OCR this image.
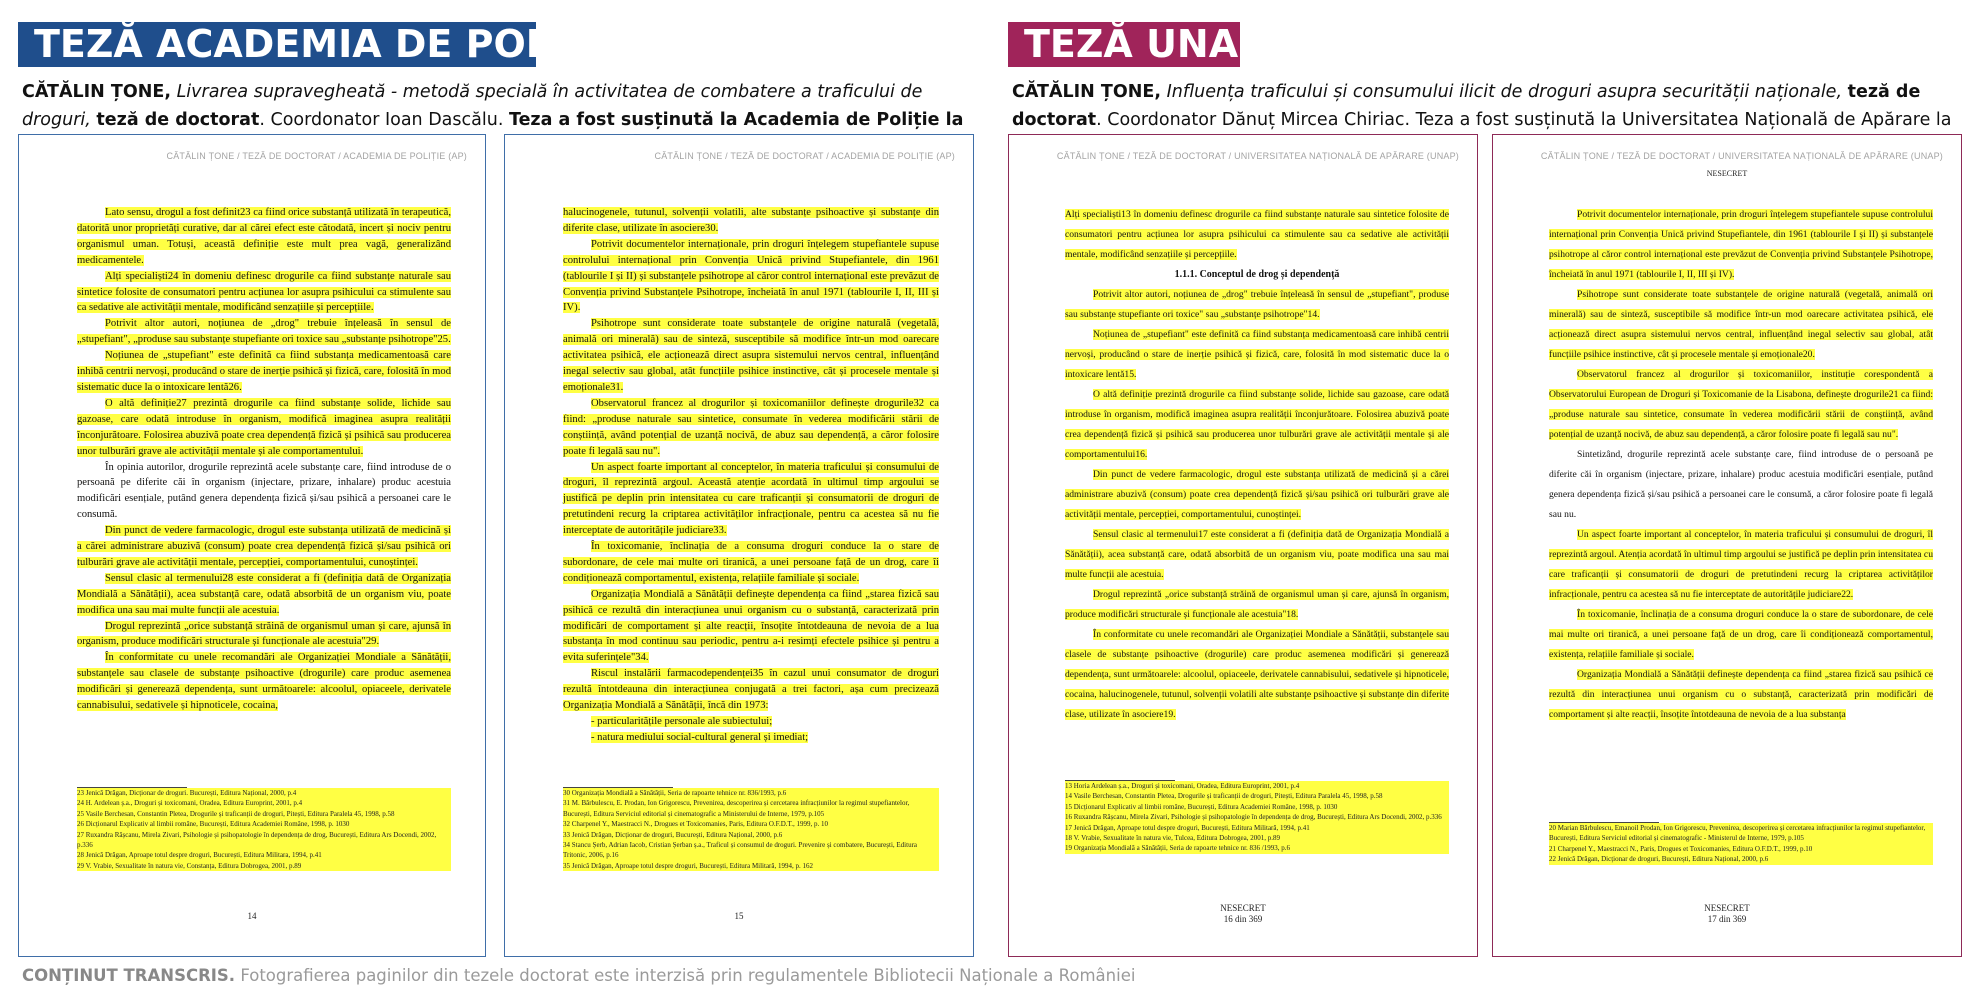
TEZĂ ACADEMIA DE POLIȚIE	TEZĂ UNAP
CĂTĂLIN ȚONE, Livrarea supravegheată - metodă specială în activitatea de combatere a traficului de droguri, teză de doctorat. Coordonator Ioan Dascălu. Teza a fost susținută la Academia de Poliție la
CĂTĂLIN ȚONE, Influența traficului și consumului ilicit de droguri asupra securității naționale, teză de doctorat. Coordonator Dănuț Mircea Chiriac. Teza a fost susținută la Universitatea Națională de Apărare la
CĂTĂLIN ȚONE / TEZĂ DE DOCTORAT / ACADEMIA DE POLIȚIE (AP)

Lato sensu, drogul a fost definit23 ca fiind orice substanță utilizată în terapeutică, datorită unor proprietăți curative, dar al cărei efect este cătodată, incert și nociv pentru organismul uman. Totuși, această definiție este mult prea vagă, generalizând medicamentele.

Alți specialiști24 în domeniu definesc drogurile ca fiind substanțe naturale sau sintetice folosite de consumatori pentru acțiunea lor asupra psihicului ca stimulente sau ca sedative ale activității mentale, modificând senzațiile și percepțiile.

Potrivit altor autori, noțiunea de „drog" trebuie înțeleasă în sensul de „stupefiant", „produse sau substanțe stupefiante ori toxice sau „substanțe psihotrope"25.

Noțiunea de „stupefiant" este definită ca fiind substanța medicamentoasă care inhibă centrii nervoși, producând o stare de inerție psihică și fizică, care, folosită în mod sistematic duce la o intoxicare lentă26.

O altă definiție27 prezintă drogurile ca fiind substanțe solide, lichide sau gazoase, care odată introduse în organism, modifică imaginea asupra realității înconjurătoare. Folosirea abuzivă poate crea dependență fizică și psihică sau producerea unor tulburări grave ale activității mentale și ale comportamentului.

În opinia autorilor, drogurile reprezintă acele substanțe care, fiind introduse de o persoană pe diferite căi în organism (injectare, prizare, inhalare) produc acestuia modificări esențiale, putând genera dependența fizică și/sau psihică a persoanei care le consumă.

Din punct de vedere farmacologic, drogul este substanța utilizată de medicină și a cărei administrare abuzivă (consum) poate crea dependență fizică și/sau psihică ori tulburări grave ale activității mentale, percepției, comportamentului, cunoștinței.

Sensul clasic al termenului28 este considerat a fi (definiția dată de Organizația Mondială a Sănătății), acea substanță care, odată absorbită de un organism viu, poate modifica una sau mai multe funcții ale acestuia.

Drogul reprezintă „orice substanță străină de organismul uman și care, ajunsă în organism, produce modificări structurale și funcționale ale acestuia"29.

În conformitate cu unele recomandări ale Organizației Mondiale a Sănătății, substanțele sau clasele de substanțe psihoactive (drogurile) care produc asemenea modificări și generează dependența, sunt următoarele: alcoolul, opiaceele, derivatele cannabisului, sedativele și hipnoticele, cocaina,

23 Jenică Drăgan, Dicționar de droguri. București, Editura Național, 2000, p.4
24 H. Ardelean ș.a., Droguri și toxicomani, Oradea, Editura Europrint, 2001, p.4
25 Vasile Berchesan, Constantin Pletea, Drogurile și traficanții de droguri, Pitești, Editura Paralela 45, 1998, p.58
26 Dicționarul Explicativ al limbii române, București, Editura Academiei Române, 1998, p. 1030
27 Ruxandra Râșcanu, Mirela Zivari, Psihologie și psihopatologie în dependența de drog, București, Editura Ars Docendi, 2002, p.336
28 Jenică Drăgan, Aproape totul despre droguri, București, Editura Militara, 1994, p.41
29 V. Vrabie, Sexualitate în natura vie, Constanța, Editura Dobrogea, 2001, p.89
14
CĂTĂLIN ȚONE / TEZĂ DE DOCTORAT / ACADEMIA DE POLIȚIE (AP)

halucinogenele, tutunul, solvenții volatili, alte substanțe psihoactive și substanțe din diferite clase, utilizate în asociere30.

Potrivit documentelor internaționale, prin droguri înțelegem stupefiantele supuse controlului internațional prin Convenția Unică privind Stupefiantele, din 1961 (tablourile I și II) și substanțele psihotrope al căror control internațional este prevăzut de Convenția privind Substanțele Psihotrope, încheiată în anul 1971 (tablourile I, II, III și IV).

Psihotrope sunt considerate toate substanțele de origine naturală (vegetală, animală ori minerală) sau de sinteză, susceptibile să modifice într-un mod oarecare activitatea psihică, ele acționează direct asupra sistemului nervos central, influențând inegal selectiv sau global, atât funcțiile psihice instinctive, cât și procesele mentale și emoționale31.

Observatorul francez al drogurilor și toxicomaniilor definește drogurile32 ca fiind: „produse naturale sau sintetice, consumate în vederea modificării stării de conștiință, având potențial de uzanță nocivă, de abuz sau dependență, a căror folosire poate fi legală sau nu".

Un aspect foarte important al conceptelor, în materia traficului și consumului de droguri, îl reprezintă argoul. Această atenție acordată în ultimul timp argoului se justifică pe deplin prin intensitatea cu care traficanții și consumatorii de droguri de pretutindeni recurg la criptarea activităților infracționale, pentru ca acestea să nu fie interceptate de autoritățile judiciare33.

În toxicomanie, înclinația de a consuma droguri conduce la o stare de subordonare, de cele mai multe ori tiranică, a unei persoane față de un drog, care îi condiționează comportamentul, existența, relațiile familiale și sociale.

Organizația Mondială a Sănătății definește dependența ca fiind „starea fizică sau psihică ce rezultă din interacțiunea unui organism cu o substanță, caracterizată prin modificări de comportament și alte reacții, însoțite întotdeauna de nevoia de a lua substanța în mod continuu sau periodic, pentru a-i resimți efectele psihice și pentru a evita suferințele"34.

Riscul instalării farmacodependenței35 în cazul unui consumator de droguri rezultă întotdeauna din interacțiunea conjugată a trei factori, așa cum precizează Organizația Mondială a Sănătății, încă din 1973:

- particularitățile personale ale subiectului;

- natura mediului social-cultural general și imediat;

30 Organizația Mondială a Sănătății, Seria de rapoarte tehnice nr. 836/1993, p.6
31 M. Bărbulescu, E. Prodan, Ion Grigorescu, Prevenirea, descoperirea și cercetarea infracțiunilor la regimul stupefiantelor, București, Editura Serviciul editorial și cinematografic a Ministerului de Interne, 1979, p.105
32 Charpenel Y., Maestracci N., Drogues et Toxicomanies, Paris, Editura O.F.D.T., 1999, p. 10
33 Jenică Drăgan, Dicționar de droguri, București, Editura Național, 2000, p.6
34 Stancu Șerb, Adrian Iacob, Cristian Șerban ș.a., Traficul și consumul de droguri. Prevenire și combatere, București, Editura Tritonic, 2006, p.16
35 Jenică Drăgan, Aproape totul despre droguri, București, Editura Militară, 1994, p. 162
15
CĂTĂLIN ȚONE / TEZĂ DE DOCTORAT / UNIVERSITATEA NAȚIONALĂ DE APĂRARE (UNAP)

Alți specialiști13 în domeniu definesc drogurile ca fiind substanțe naturale sau sintetice folosite de consumatori pentru acțiunea lor asupra psihicului ca stimulente sau ca sedative ale activității mentale, modificând senzațiile și percepțiile.

1.1.1. Conceptul de drog și dependență

Potrivit altor autori, noțiunea de „drog" trebuie înțeleasă în sensul de „stupefiant", produse sau substanțe stupefiante ori toxice" sau „substanțe psihotrope"14.

Noțiunea de „stupefiant" este definită ca fiind substanța medicamentoasă care inhibă centrii nervoși, producând o stare de inerție psihică și fizică, care, folosită în mod sistematic duce la o intoxicare lentă15.

O altă definiție prezintă drogurile ca fiind substanțe solide, lichide sau gazoase, care odată introduse în organism, modifică imaginea asupra realității înconjurătoare. Folosirea abuzivă poate crea dependență fizică și psihică sau producerea unor tulburări grave ale activității mentale și ale comportamentului16.

Din punct de vedere farmacologic, drogul este substanța utilizată de medicină și a cărei administrare abuzivă (consum) poate crea dependență fizică și/sau psihică ori tulburări grave ale activității mentale, percepției, comportamentului, cunoștinței.

Sensul clasic al termenului17 este considerat a fi (definiția dată de Organizația Mondială a Sănătății), acea substanță care, odată absorbită de un organism viu, poate modifica una sau mai multe funcții ale acestuia.

Drogul reprezintă „orice substanță străină de organismul uman și care, ajunsă în organism, produce modificări structurale și funcționale ale acestuia"18.

În conformitate cu unele recomandări ale Organizației Mondiale a Sănătății, substanțele sau clasele de substanțe psihoactive (drogurile) care produc asemenea modificări și generează dependența, sunt următoarele: alcoolul, opiaceele, derivatele cannabisului, sedativele și hipnoticele, cocaina, halucinogenele, tutunul, solvenții volatili alte substanțe psihoactive și substanțe din diferite clase, utilizate în asociere19.

13 Horia Ardelean ș.a., Droguri și toxicomani, Oradea, Editura Europrint, 2001, p.4
14 Vasile Berchesan, Constantin Pletea, Drogurile și traficanții de droguri, Pitești, Editura Paralela 45, 1998, p.58
15 Dicționarul Explicativ al limbii române, București, Editura Academiei Române, 1998, p. 1030
16 Ruxandra Râșcanu, Mirela Zivari, Psihologie și psihopatologie în dependența de drog, București, Editura Ars Docendi, 2002, p.336
17 Jenică Drăgan, Aproape totul despre droguri, București, Editura Militară, 1994, p.41
18 V. Vrabie, Sexualitate în natura vie, Tulcea, Editura Dobrogea, 2001, p.89
19 Organizația Mondială a Sănătății, Seria de rapoarte tehnice nr. 836 /1993, p.6
NESECRET
16 din 369
CĂTĂLIN ȚONE / TEZĂ DE DOCTORAT / UNIVERSITATEA NAȚIONALĂ DE APĂRARE (UNAP)
NESECRET

Potrivit documentelor internaționale, prin droguri înțelegem stupefiantele supuse controlului internațional prin Convenția Unică privind Stupefiantele, din 1961 (tablourile I și II) și substanțele psihotrope al căror control internațional este prevăzut de Convenția privind Substanțele Psihotrope, încheiată în anul 1971 (tablourile I, II, III și IV).

Psihotrope sunt considerate toate substanțele de origine naturală (vegetală, animală ori minerală) sau de sinteză, susceptibile să modifice într-un mod oarecare activitatea psihică, ele acționează direct asupra sistemului nervos central, influențând inegal selectiv sau global, atât funcțiile psihice instinctive, cât și procesele mentale și emoționale20.

Observatorul francez al drogurilor și toxicomaniilor, instituție corespondentă a Observatorului European de Droguri și Toxicomanie de la Lisabona, definește drogurile21 ca fiind: „produse naturale sau sintetice, consumate în vederea modificării stării de conștiință, având potențial de uzanță nocivă, de abuz sau dependență, a căror folosire poate fi legală sau nu".

Sintetizând, drogurile reprezintă acele substanțe care, fiind introduse de o persoană pe diferite căi în organism (injectare, prizare, inhalare) produc acestuia modificări esențiale, putând genera dependența fizică și/sau psihică a persoanei care le consumă, a căror folosire poate fi legală sau nu.

Un aspect foarte important al conceptelor, în materia traficului și consumului de droguri, îl reprezintă argoul. Atenția acordată în ultimul timp argoului se justifică pe deplin prin intensitatea cu care traficanții și consumatorii de droguri de pretutindeni recurg la criptarea activităților infracționale, pentru ca acestea să nu fie interceptate de autoritățile judiciare22.

În toxicomanie, înclinația de a consuma droguri conduce la o stare de subordonare, de cele mai multe ori tiranică, a unei persoane față de un drog, care îi condiționează comportamentul, existența, relațiile familiale și sociale.

Organizația Mondială a Sănătății definește dependența ca fiind „starea fizică sau psihică ce rezultă din interacțiunea unui organism cu o substanță, caracterizată prin modificări de comportament și alte reacții, însoțite întotdeauna de nevoia de a lua substanța

20 Marian Bărbulescu, Emanoil Prodan, Ion Grigorescu, Prevenirea, descoperirea și cercetarea infracțiunilor la regimul stupefiantelor, București, Editura Serviciul editorial și cinematografic - Ministerul de Interne, 1979, p.105
21 Charpenel Y., Maestracci N., Paris, Drogues et Toxicomanies, Editura O.F.D.T., 1999, p.10
22 Jenică Drăgan, Dicționar de droguri, București, Editura Național, 2000, p.6
NESECRET
17 din 369
CONȚINUT TRANSCRIS. Fotografierea paginilor din tezele doctorat este interzisă prin regulamentele Bibliotecii Naționale a României
